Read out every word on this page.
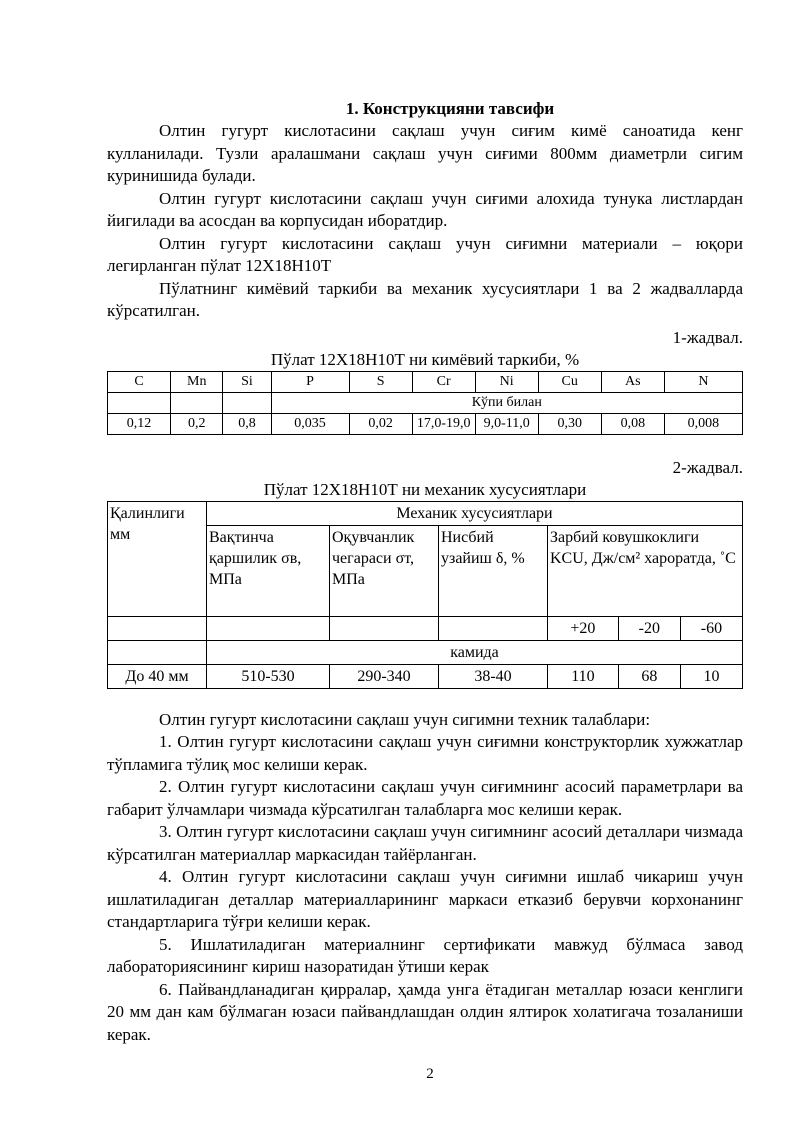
1. Конструкцияни тавсифи

Олтин гугурт кислотасини сақлаш учун сиғим кимё саноатида кенг кулланилади. Тузли аралашмани сақлаш учун сиғими 800мм диаметрли сигим куринишида булади.

Олтин гугурт кислотасини сақлаш учун сиғими алохида тунука листлардан йигилади ва асосдан ва корпусидан иборатдир.

Олтин гугурт кислотасини сақлаш учун сиғимни материали – юқори легирланган пўлат 12Х18Н10Т

Пўлатнинг кимёвий таркиби ва механик хусусиятлари 1 ва 2 жадвалларда кўрсатилган.

1-жадвал.
Пўлат 12Х18Н10Т ни кимёвий таркиби, %
C	Mn	Si	P	S	Cr	Ni	Cu	As	N
			Кўпи билан						
0,12	0,2	0,8	0,035	0,02	17,0-19,0	9,0-11,0	0,30	0,08	0,008
2-жадвал.
Пўлат 12Х18Н10Т ни механик хусусиятлари
Қалинлиги мм	Механик хусусиятлари					
	Вақтинча қаршилик σв, МПа	Оқувчанлик чегараси σт, МПа	Нисбий узайиш δ, %	Зарбий ковушкоклиги KCU, Дж/см² хароратда, ˚С		
				+20	-20	-60
	камида					
До 40 мм	510-530	290-340	38-40	110	68	10

Олтин гугурт кислотасини сақлаш учун сигимни техник талаблари:

1. Олтин гугурт кислотасини сақлаш учун сиғимни конструкторлик хужжатлар тўпламига тўлиқ мос келиши керак.

2. Олтин гугурт кислотасини сақлаш учун сиғимнинг асосий параметрлари ва габарит ўлчамлари чизмада кўрсатилган талабларга мос келиши керак.

3. Олтин гугурт кислотасини сақлаш учун сигимнинг асосий деталлари чизмада кўрсатилган материаллар маркасидан тайёрланган.

4. Олтин гугурт кислотасини сақлаш учун сиғимни ишлаб чикариш учун ишлатиладиган деталлар материалларининг маркаси етказиб берувчи корхонанинг стандартларига тўғри келиши керак.

5. Ишлатиладиган материалнинг сертификати мавжуд бўлмаса завод лабораториясининг кириш назоратидан ўтиши керак

6. Пайвандланадиган қирралар, ҳамда унга ётадиган металлар юзаси кенглиги 20 мм дан кам бўлмаган юзаси пайвандлашдан олдин ялтирок холатигача тозаланиши керак.

2
